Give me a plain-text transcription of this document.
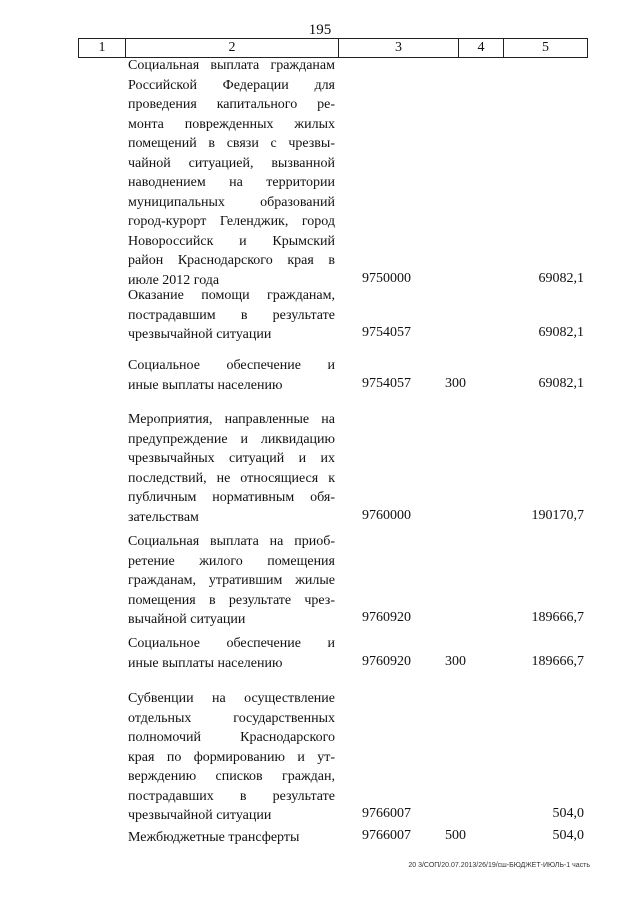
195
1	2	3	4	5
Социальная выплата гражданам
Российской Федерации для
проведения капитального ре-
монта поврежденных жилых
помещений в связи с чрезвы-
чайной ситуацией, вызванной
наводнением на территории
муниципальных образований
город-курорт Геленджик, город
Новороссийск и Крымский
район Краснодарского края в
июле 2012 года	9750000	69082,1
Оказание помощи гражданам,
пострадавшим в результате
чрезвычайной ситуации	9754057	69082,1
Социальное обеспечение и
иные выплаты населению	9754057 300	69082,1
Мероприятия, направленные на
предупреждение и ликвидацию
чрезвычайных ситуаций и их
последствий, не относящиеся к
публичным нормативным обя-
зательствам	9760000	190170,7
Социальная выплата на приоб-
ретение жилого помещения
гражданам, утратившим жилые
помещения в результате чрез-
вычайной ситуации	9760920	189666,7
Социальное обеспечение и
иные выплаты населению	9760920 300	189666,7
Субвенции на осуществление
отдельных государственных
полномочий Краснодарского
края по формированию и ут-
верждению списков граждан,
пострадавших в результате
чрезвычайной ситуации	9766007	504,0
Межбюджетные трансферты	9766007 500	504,0
20 3/СОП/20.07.2013/26/19/сш-БЮДЖЕТ-ИЮЛЬ-1 часть
